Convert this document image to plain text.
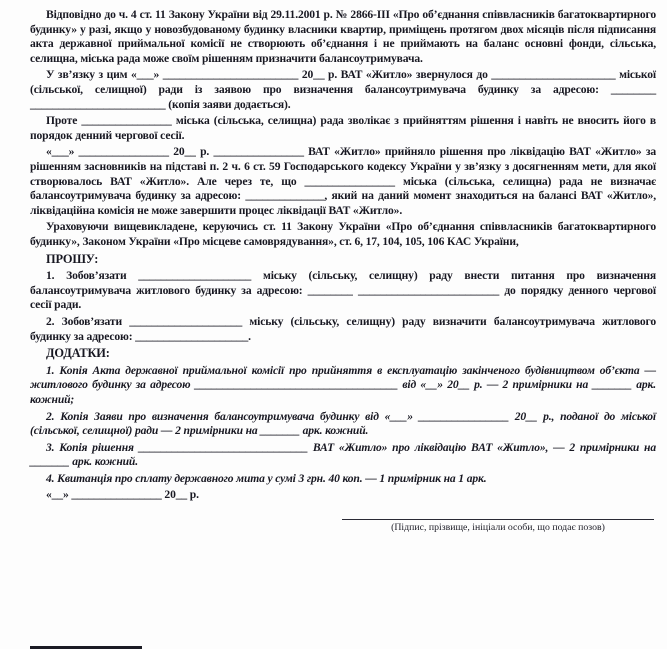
Відповідно до ч. 4 ст. 11 Закону України від 29.11.2001 р. № 2866-III «Про об’єднання співвласників багатоквартирного будинку» у разі, якщо у новозбудованому будинку власники квартир, приміщень протягом двох місяців після підписання акта державної приймальної комісії не створюють об’єднання і не приймають на баланс основні фонди, сільська, селищна, міська рада може своїм рішенням призначити балансоутримувача.

У зв’язку з цим «___» ________________________ 20__ р. ВАТ «Житло» звернулося до ______________________ міської (сільської, селищної) ради із заявою про визначення балансоутримувача будинку за адресою: ________ ________________________ (копія заяви додається).

Проте ________________ міська (сільська, селищна) рада зволікає з прийняттям рішення і навіть не вносить його в порядок денний чергової сесії.

«___» ________________ 20__ р. ________________ ВАТ «Житло» прийняло рішення про ліквідацію ВАТ «Житло» за рішенням засновників на підставі п. 2 ч. 6 ст. 59 Господарського кодексу України у зв’язку з досягненням мети, для якої створювалось ВАТ «Житло». Але через те, що ________________ міська (сільська, селищна) рада не визначає балансоутримувача будинку за адресою: ______________, який на даний момент знаходиться на балансі ВАТ «Житло», ліквідаційна комісія не може завершити процес ліквідації ВАТ «Житло».

Ураховуючи вищевикладене, керуючись ст. 11 Закону України «Про об’єднання співвласників багатоквартирного будинку», Законом України «Про місцеве самоврядування», ст. 6, 17, 104, 105, 106 КАС України,

ПРОШУ:

1. Зобов’язати ____________________ міську (сільську, селищну) раду внести питання про визначення балансоутримувача житлового будинку за адресою: ________ _________________________ до порядку денного чергової сесії ради.

2. Зобов’язати ____________________ міську (сільську, селищну) раду визначити балансоутримувача житлового будинку за адресою: ____________________.

ДОДАТКИ:

1. Копія Акта державної приймальної комісії про прийняття в експлуатацію закінченого будівництвом об’єкта — житлового будинку за адресою ____________________________________ від «__» 20__ р. — 2 примірники на _______ арк. кожний;

2. Копія Заяви про визначення балансоутримувача будинку від «___» ________________ 20__ р., поданої до міської (сільської, селищної) ради — 2 примірники на _______ арк. кожний.

3. Копія рішення ______________________________ ВАТ «Житло» про ліквідацію ВАТ «Житло», — 2 примірники на _______ арк. кожний.

4. Квитанція про сплату державного мита у сумі 3 грн. 40 коп. — 1 примірник на 1 арк.

«__» ________________ 20__ р.

(Підпис, прізвище, ініціали особи, що подає позов)
